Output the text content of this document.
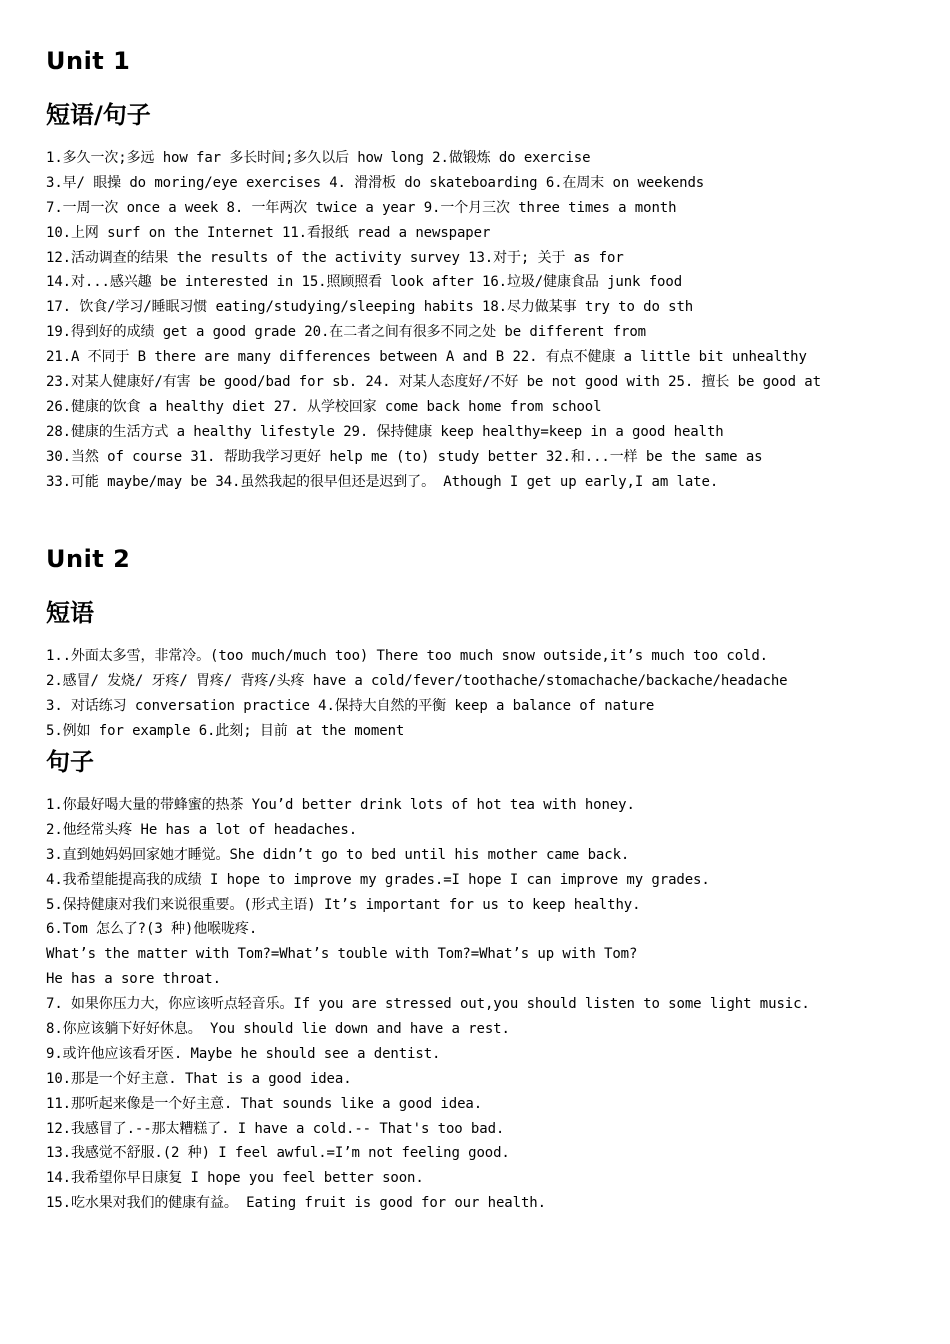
Unit 1
短语/句子
1.多久一次;多远 how far 多长时间;多久以后 how long 2.做锻炼 do exercise
3.早/ 眼操 do moring/eye exercises 4. 滑滑板 do skateboarding 6.在周末 on weekends
7.一周一次 once a week 8. 一年两次 twice a year 9.一个月三次 three times a month
10.上网 surf on the Internet 11.看报纸 read a newspaper
12.活动调查的结果 the results of the activity survey 13.对于; 关于 as for
14.对...感兴趣 be interested in 15.照顾照看 look after 16.垃圾/健康食品 junk food
17. 饮食/学习/睡眠习惯 eating/studying/sleeping habits 18.尽力做某事 try to do sth
19.得到好的成绩 get a good grade 20.在二者之间有很多不同之处 be different from
21.A 不同于 B there are many differences between A and B 22. 有点不健康 a little bit unhealthy
23.对某人健康好/有害 be good/bad for sb. 24. 对某人态度好/不好 be not good with 25. 擅长 be good at
26.健康的饮食 a healthy diet 27. 从学校回家 come back home from school
28.健康的生活方式 a healthy lifestyle 29. 保持健康 keep healthy=keep in a good health
30.当然 of course 31. 帮助我学习更好 help me (to) study better 32.和...一样 be the same as
33.可能 maybe/may be 34.虽然我起的很早但还是迟到了。 Athough I get up early,I am late.
Unit 2
短语
1..外面太多雪，非常冷。(too much/much too) There too much snow outside,it’s much too cold.
2.感冒/ 发烧/ 牙疼/ 胃疼/ 背疼/头疼 have a cold/fever/toothache/stomachache/backache/headache
3. 对话练习 conversation practice 4.保持大自然的平衡 keep a balance of nature
5.例如 for example 6.此刻; 目前 at the moment
句子
1.你最好喝大量的带蜂蜜的热茶 You’d better drink lots of hot tea with honey.
2.他经常头疼 He has a lot of headaches.
3.直到她妈妈回家她才睡觉。She didn’t go to bed until his mother came back.
4.我希望能提高我的成绩 I hope to improve my grades.=I hope I can improve my grades.
5.保持健康对我们来说很重要。(形式主语) It’s important for us to keep healthy.
6.Tom 怎么了?(3 种)他喉咙疼.
What’s the matter with Tom?=What’s touble with Tom?=What’s up with Tom?
He has a sore throat.
7. 如果你压力大，你应该听点轻音乐。If you are stressed out,you should listen to some light music.
8.你应该躺下好好休息。 You should lie down and have a rest.
9.或许他应该看牙医. Maybe he should see a dentist.
10.那是一个好主意. That is a good idea.
11.那听起来像是一个好主意. That sounds like a good idea.
12.我感冒了.--那太糟糕了. I have a cold.-- That's too bad.
13.我感觉不舒服.(2 种) I feel awful.=I’m not feeling good.
14.我希望你早日康复 I hope you feel better soon.
15.吃水果对我们的健康有益。 Eating fruit is good for our health.
